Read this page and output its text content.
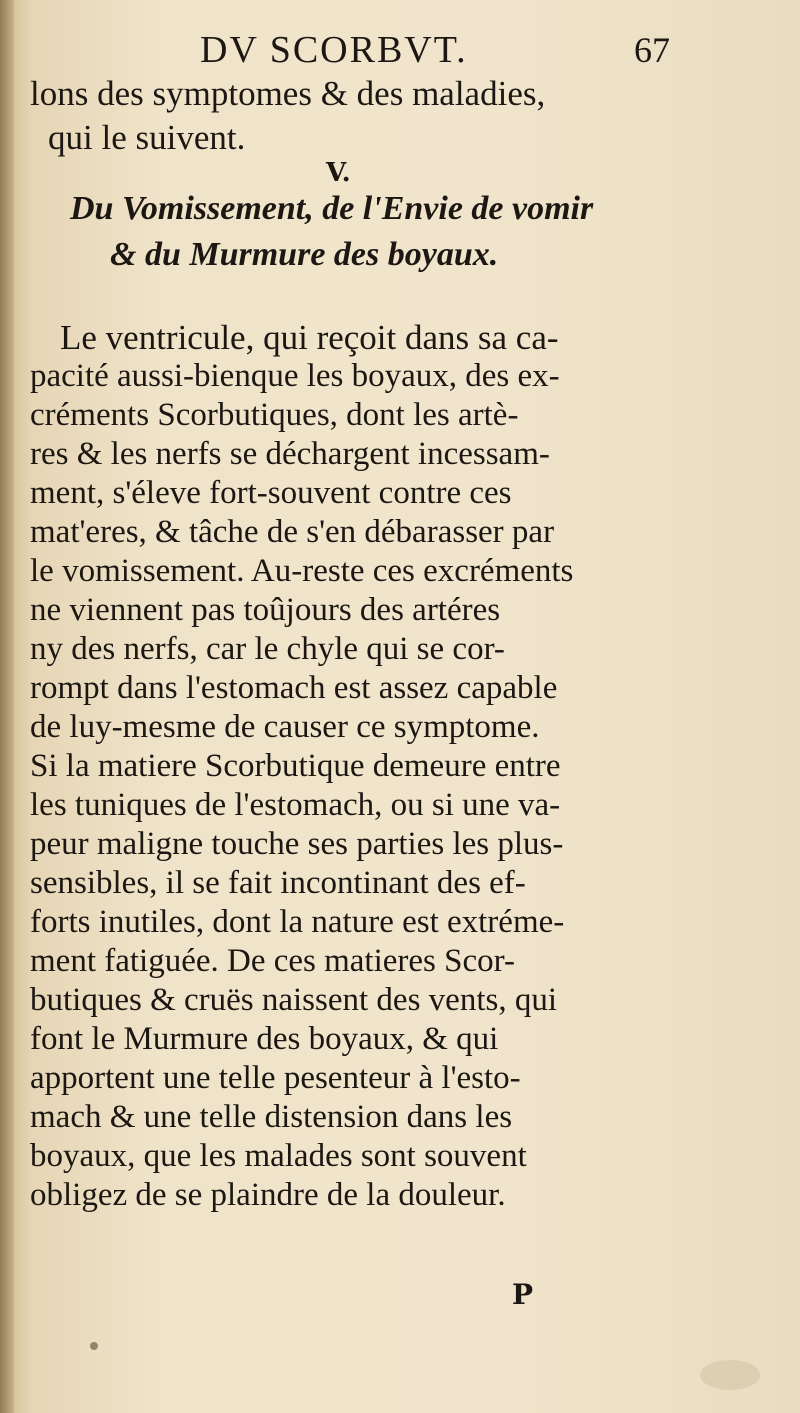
DV SCORBVT.	67
lons des symptomes & des maladies,
qui le suivent.
V.
Du Vomissement, de l'Envie de vomir
& du Murmure des boyaux.
Le ventricule, qui reçoit dans sa ca-
pacité aussi-bienque les boyaux, des ex-
créments Scorbutiques, dont les artè-
res & les nerfs se déchargent incessam-
ment, s'éleve fort-souvent contre ces
mat'eres, & tâche de s'en débarasser par
le vomissement. Au-reste ces excréments
ne viennent pas toûjours des artéres
ny des nerfs, car le chyle qui se cor-
rompt dans l'estomach est assez capable
de luy-mesme de causer ce symptome.
Si la matiere Scorbutique demeure entre
les tuniques de l'estomach, ou si une va-
peur maligne touche ses parties les plus-
sensibles, il se fait incontinant des ef-
forts inutiles, dont la nature est extréme-
ment fatiguée. De ces matieres Scor-
butiques & cruës naissent des vents, qui
font le Murmure des boyaux, & qui
apportent une telle pesenteur à l'esto-
mach & une telle distension dans les
boyaux, que les malades sont souvent
obligez de se plaindre de la douleur.
P
